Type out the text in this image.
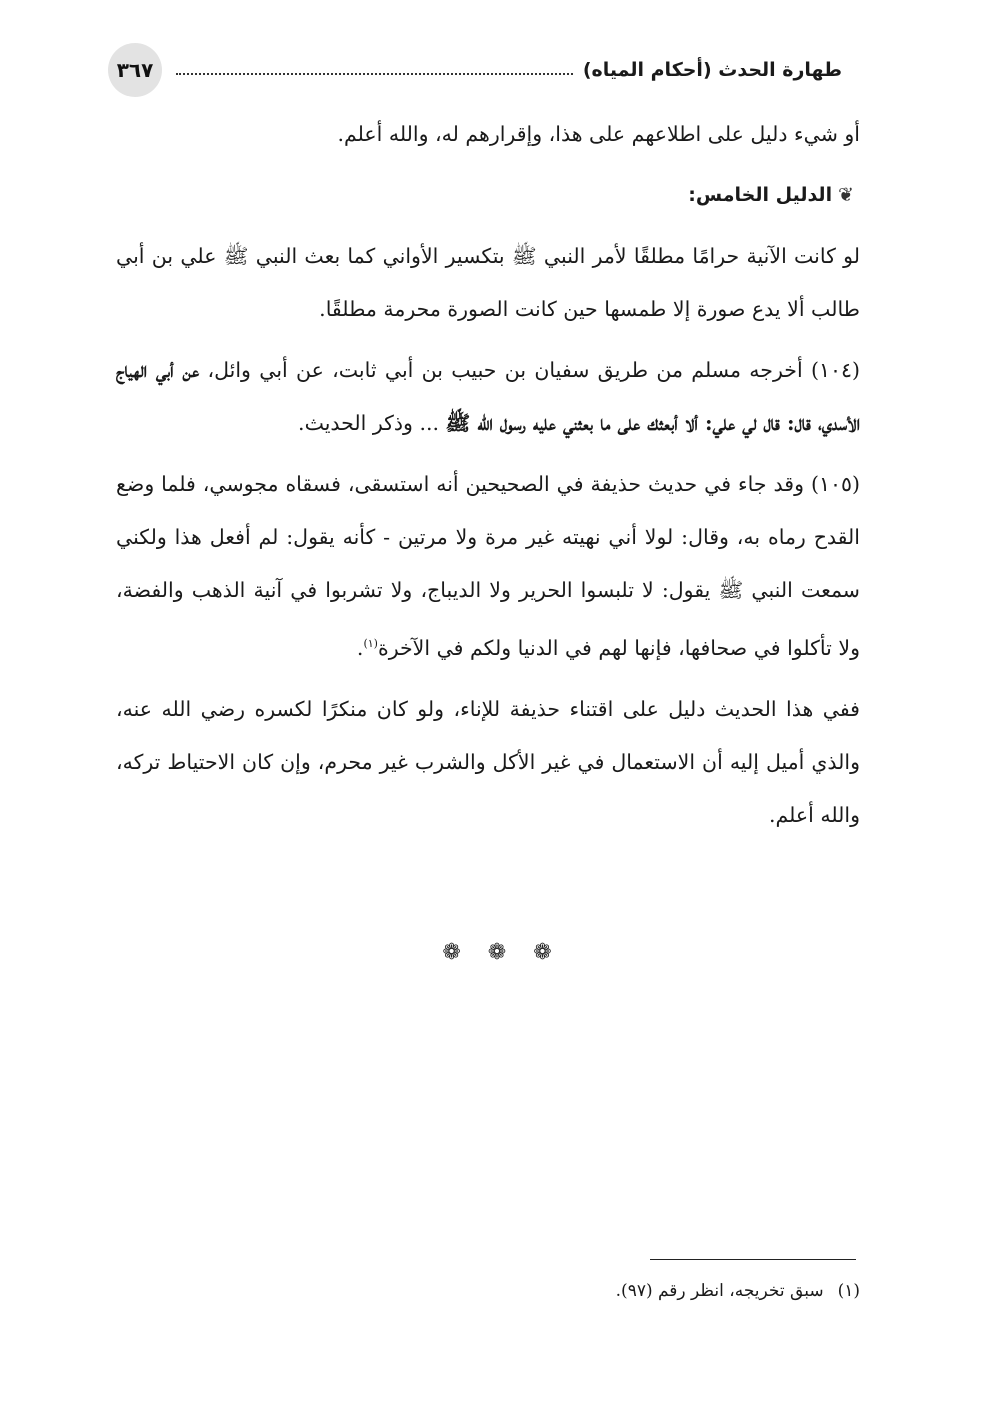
طهارة الحدث (أحكام المياه)
٣٦٧

أو شيء دليل على اطلاعهم على هذا، وإقرارهم له، والله أعلم.

❦الدليل الخامس:

لو كانت الآنية حرامًا مطلقًا لأمر النبي ﷺ بتكسير الأواني كما بعث النبي ﷺ علي بن أبي طالب ألا يدع صورة إلا طمسها حين كانت الصورة محرمة مطلقًا.

(١٠٤) أخرجه مسلم من طريق سفيان بن حبيب بن أبي ثابت، عن أبي وائل، عن أبي الهياج الأسدي، قال: قال لي علي: ألا أبعثك على ما بعثني عليه رسول الله ﷺ ... وذكر الحديث.

(١٠٥) وقد جاء في حديث حذيفة في الصحيحين أنه استسقى، فسقاه مجوسي، فلما وضع القدح رماه به، وقال: لولا أني نهيته غير مرة ولا مرتين - كأنه يقول: لم أفعل هذا ولكني سمعت النبي ﷺ يقول: لا تلبسوا الحرير ولا الديباج، ولا تشربوا في آنية الذهب والفضة، ولا تأكلوا في صحافها، فإنها لهم في الدنيا ولكم في الآخرة$^{(١)}$.

ففي هذا الحديث دليل على اقتناء حذيفة للإناء، ولو كان منكرًا لكسره رضي الله عنه، والذي أميل إليه أن الاستعمال في غير الأكل والشرب غير محرم، وإن كان الاحتياط تركه، والله أعلم.

❁ ❁ ❁
(١)سبق تخريجه، انظر رقم (٩٧).
